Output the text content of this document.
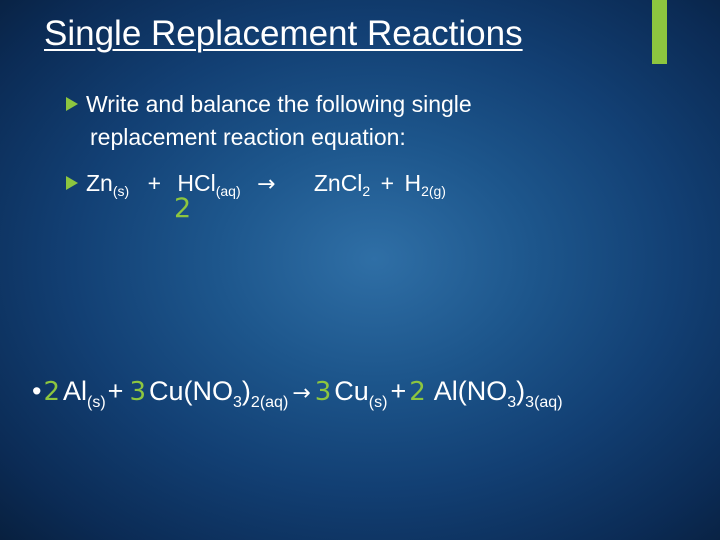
Single Replacement Reactions
Write and balance the following single
replacement reaction equation:
$Zn_{(s)} + HCl_{(aq)}$ → ZnCl$_2$ + $H_{2(g)}$
2
•2 $Al_{(s)}+ 3$ $Cu(NO_3)_{2(aq)} \to 3$ $Cu_{(s)} + 2$ $Al(NO_3)_{3(aq)}$
